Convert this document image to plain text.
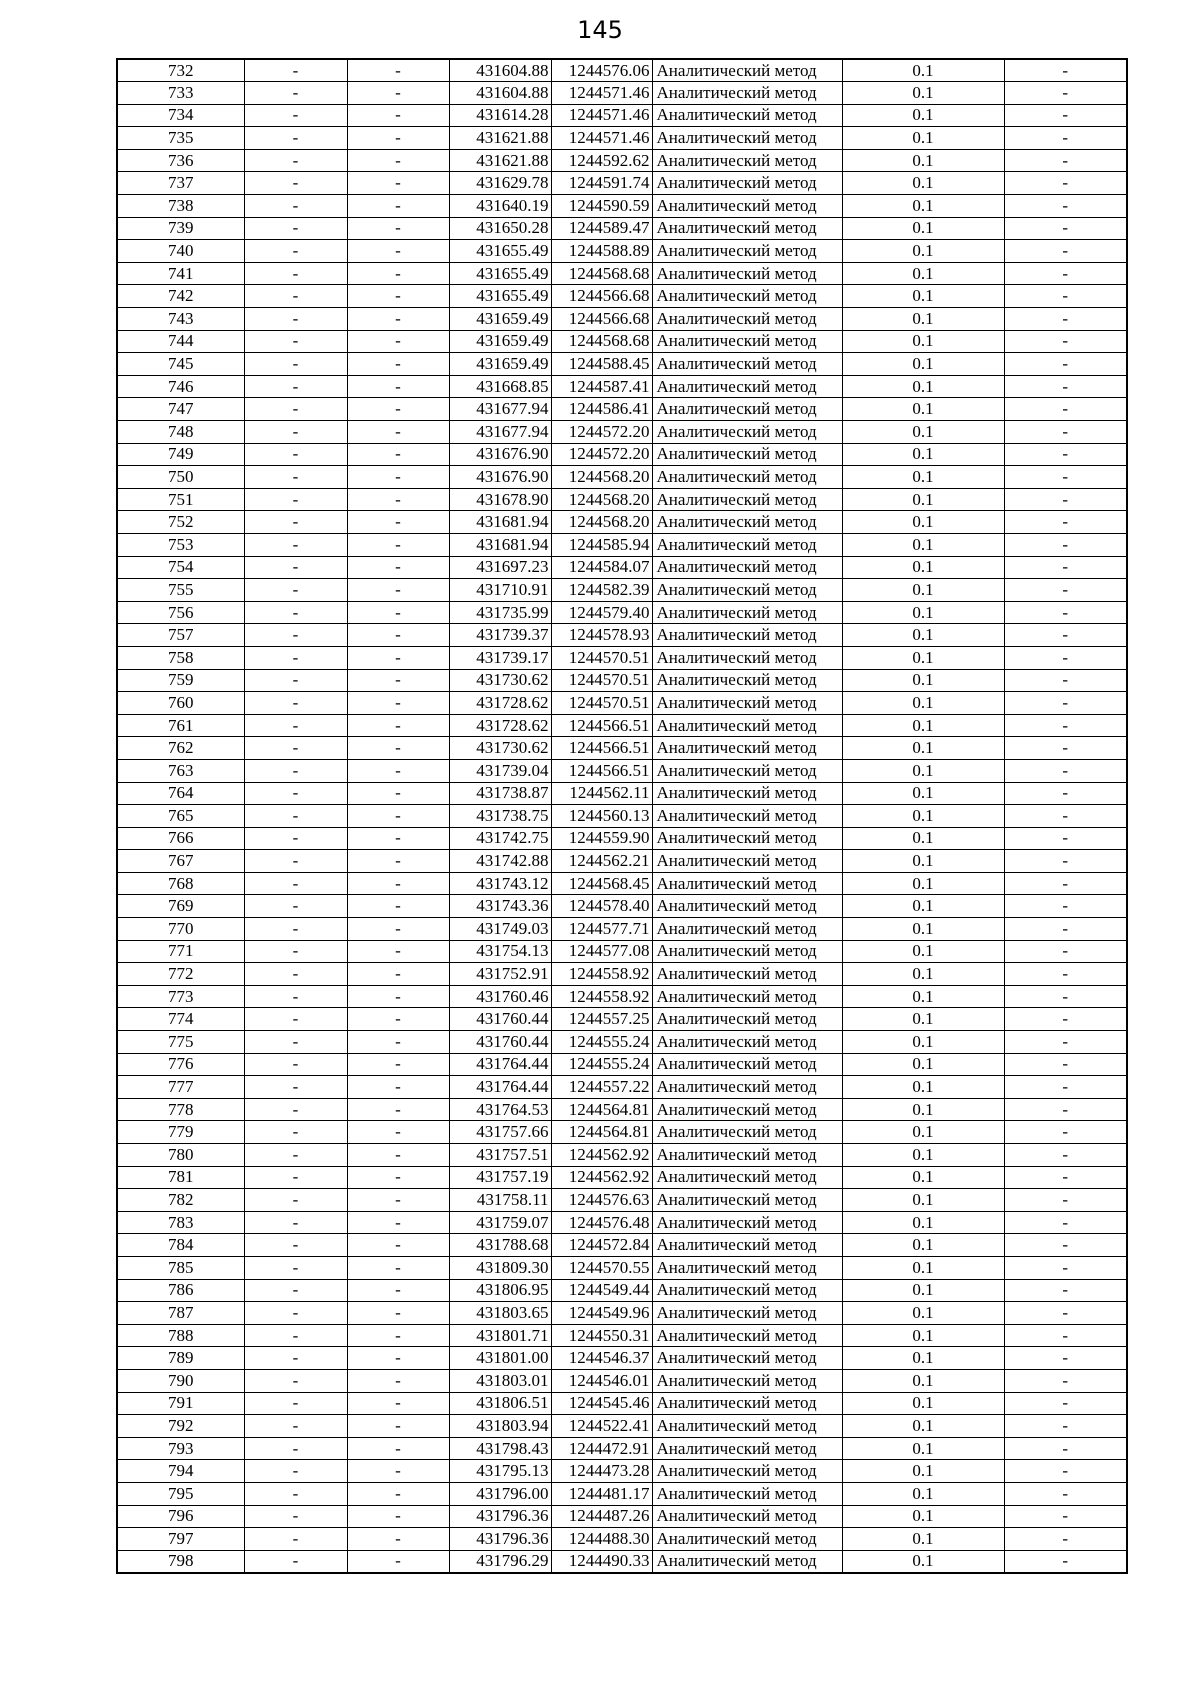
145
732	-	-	431604.88	1244576.06	Аналитический метод	0.1	-
733	-	-	431604.88	1244571.46	Аналитический метод	0.1	-
734	-	-	431614.28	1244571.46	Аналитический метод	0.1	-
735	-	-	431621.88	1244571.46	Аналитический метод	0.1	-
736	-	-	431621.88	1244592.62	Аналитический метод	0.1	-
737	-	-	431629.78	1244591.74	Аналитический метод	0.1	-
738	-	-	431640.19	1244590.59	Аналитический метод	0.1	-
739	-	-	431650.28	1244589.47	Аналитический метод	0.1	-
740	-	-	431655.49	1244588.89	Аналитический метод	0.1	-
741	-	-	431655.49	1244568.68	Аналитический метод	0.1	-
742	-	-	431655.49	1244566.68	Аналитический метод	0.1	-
743	-	-	431659.49	1244566.68	Аналитический метод	0.1	-
744	-	-	431659.49	1244568.68	Аналитический метод	0.1	-
745	-	-	431659.49	1244588.45	Аналитический метод	0.1	-
746	-	-	431668.85	1244587.41	Аналитический метод	0.1	-
747	-	-	431677.94	1244586.41	Аналитический метод	0.1	-
748	-	-	431677.94	1244572.20	Аналитический метод	0.1	-
749	-	-	431676.90	1244572.20	Аналитический метод	0.1	-
750	-	-	431676.90	1244568.20	Аналитический метод	0.1	-
751	-	-	431678.90	1244568.20	Аналитический метод	0.1	-
752	-	-	431681.94	1244568.20	Аналитический метод	0.1	-
753	-	-	431681.94	1244585.94	Аналитический метод	0.1	-
754	-	-	431697.23	1244584.07	Аналитический метод	0.1	-
755	-	-	431710.91	1244582.39	Аналитический метод	0.1	-
756	-	-	431735.99	1244579.40	Аналитический метод	0.1	-
757	-	-	431739.37	1244578.93	Аналитический метод	0.1	-
758	-	-	431739.17	1244570.51	Аналитический метод	0.1	-
759	-	-	431730.62	1244570.51	Аналитический метод	0.1	-
760	-	-	431728.62	1244570.51	Аналитический метод	0.1	-
761	-	-	431728.62	1244566.51	Аналитический метод	0.1	-
762	-	-	431730.62	1244566.51	Аналитический метод	0.1	-
763	-	-	431739.04	1244566.51	Аналитический метод	0.1	-
764	-	-	431738.87	1244562.11	Аналитический метод	0.1	-
765	-	-	431738.75	1244560.13	Аналитический метод	0.1	-
766	-	-	431742.75	1244559.90	Аналитический метод	0.1	-
767	-	-	431742.88	1244562.21	Аналитический метод	0.1	-
768	-	-	431743.12	1244568.45	Аналитический метод	0.1	-
769	-	-	431743.36	1244578.40	Аналитический метод	0.1	-
770	-	-	431749.03	1244577.71	Аналитический метод	0.1	-
771	-	-	431754.13	1244577.08	Аналитический метод	0.1	-
772	-	-	431752.91	1244558.92	Аналитический метод	0.1	-
773	-	-	431760.46	1244558.92	Аналитический метод	0.1	-
774	-	-	431760.44	1244557.25	Аналитический метод	0.1	-
775	-	-	431760.44	1244555.24	Аналитический метод	0.1	-
776	-	-	431764.44	1244555.24	Аналитический метод	0.1	-
777	-	-	431764.44	1244557.22	Аналитический метод	0.1	-
778	-	-	431764.53	1244564.81	Аналитический метод	0.1	-
779	-	-	431757.66	1244564.81	Аналитический метод	0.1	-
780	-	-	431757.51	1244562.92	Аналитический метод	0.1	-
781	-	-	431757.19	1244562.92	Аналитический метод	0.1	-
782	-	-	431758.11	1244576.63	Аналитический метод	0.1	-
783	-	-	431759.07	1244576.48	Аналитический метод	0.1	-
784	-	-	431788.68	1244572.84	Аналитический метод	0.1	-
785	-	-	431809.30	1244570.55	Аналитический метод	0.1	-
786	-	-	431806.95	1244549.44	Аналитический метод	0.1	-
787	-	-	431803.65	1244549.96	Аналитический метод	0.1	-
788	-	-	431801.71	1244550.31	Аналитический метод	0.1	-
789	-	-	431801.00	1244546.37	Аналитический метод	0.1	-
790	-	-	431803.01	1244546.01	Аналитический метод	0.1	-
791	-	-	431806.51	1244545.46	Аналитический метод	0.1	-
792	-	-	431803.94	1244522.41	Аналитический метод	0.1	-
793	-	-	431798.43	1244472.91	Аналитический метод	0.1	-
794	-	-	431795.13	1244473.28	Аналитический метод	0.1	-
795	-	-	431796.00	1244481.17	Аналитический метод	0.1	-
796	-	-	431796.36	1244487.26	Аналитический метод	0.1	-
797	-	-	431796.36	1244488.30	Аналитический метод	0.1	-
798	-	-	431796.29	1244490.33	Аналитический метод	0.1	-
